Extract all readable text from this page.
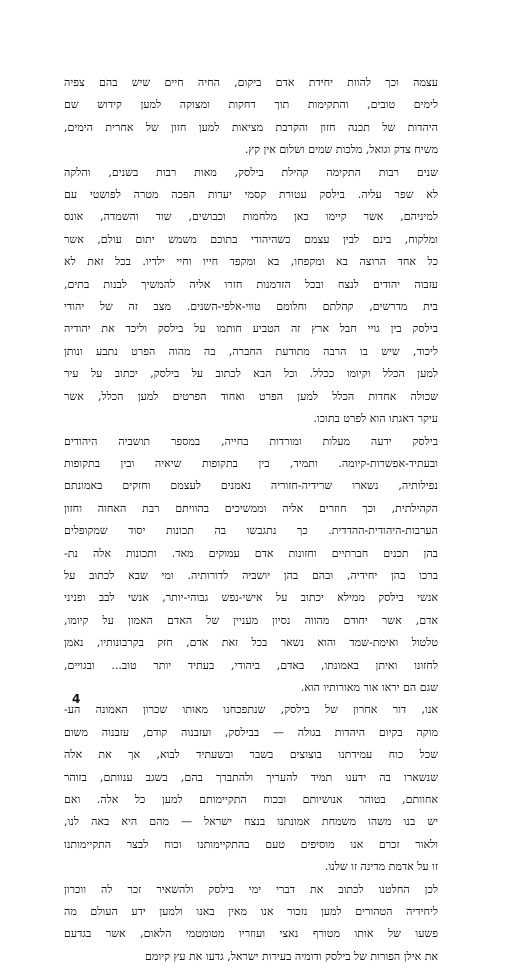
עצמה וכך להוות יחידת אדם ביקום, החיה חיים שיש בהם צפיה
לימים טובים, והתקימות תוך דחקות ומצוקה למען קידוש שם
היהדות של תכנה חזון והקרבת מציאות למען חזון של אחרית הימים,
משיח צדק וגואל, מלכות שמים ושלום אין קץ.
שנים רבות התקימה קהילת בילסק, מאות רבות בשנים, והלקה
לא שפר עליה. בילסק עטורת קסמי יערות הפכה מטרה לפושטי עם
למיניהם, אשר קיימו כאן מלחמות וכבושים, שוד והשמדה, אונס
ומלקוח, בינם לבין עצמם כשהיהודי בתוכם משמש יתום עולם, אשר
כל אחד הרוצה בא ומקפחו, בא ומקפד חייו וחיי ילדיו. בכל זאת לא
עזבוה יהודים לנצח ובכל הזדמנות חזרו אליה להמשיך לבנות בתים,
בית מדרשים, קהלתם וחלומם טווי-אלפי-השנים. מצב זה של יהודי
בילסק בין גויי חבל ארץ זה הטביע חותמו על בילסק וליכד את יהודיה
ליכוד, שיש בו הרבה מתודעת החברה, בה מהוה הפרט נתבע ונותן
למען הכלל וקיומו ככלל. וכל הבא לכתוב על בילסק, יכתוב על עיר
שכולה אחדות הכלל למען הפרט ואחוד הפרטים למען הכלל, אשר
עיקר דאגתו הוא לפרט בתוכו.
בילסק ידעה מעלות ומורדות בחייה, במספר תושביה היהודים
ובעתיד-אפשרות-קיומה. ותמיד, בין בתקופות שיאיה ובין בתקופות
נפילותיה, נשארו שרידיה-חזוריה נאמנים לעצמם וחזקים באמונתם
הקהילתית, וכך חוזרים אליה וממשיכים בהוויתם רבת האחוה וחזון
הערבות-היהודית-ההדדית. כך נתגבשו בה תכונות יסוד שמקופלים
בהן תכנים חברתיים וחזונות אדם עמוקים מאד. ותכונות אלה נת-
ברכו בהן יחידיה, ובהם בהן יושביה לדורותיה. ומי שבא לכתוב על
אנשי בילסק ממילא יכתוב על אישי-נפש גבוהי-יותר, אנשי לבב ופניני
אדם, אשר יחודם מהווה נסיון מעניין של האדם האמון על קיומו,
טלטול ואימת-שמד והוא נשאר בכל זאת אדם, חזק בקרבונותיו, נאמן
לחזונו ואיתן באמונתו, באדם, ביהודי, בעתיד יותר טוב... ובגויים,
שגם הם יראו אור מאורותיו הוא.
אנו, דור אחרון של בילסק, שנתפכחנו מאותו שכרון האמונה הע-
מוקה בקיום היהדות בגולה — בבילסק, ועזבנוה קודם, עזבנוה משום
שכל כוח עמידתנו בוצוצים בשבר ובשעתיד לבוא, אך את אלה
שנשארו בה ידענו תמיד להעריך ולהתברך בהם, בשגב ענוותם, בזוהר
אחוותם, בטוהר אנושיותם ובכוח התקיימותם למען כל אלה. ואם
יש בנו משהו משמחת אמונתנו בנצח ישראל — מהם היא באה לנו,
ולאור זכרם אנו מוסיפים טעם בהתקיימותנו וכוח לבצר התקיימותנו
זו על אדמת מדינה זו שלנו.
לכן החלטנו לכתוב את דברי ימי בילסק ולהשאיר זכר לה ווכרון
ליחידיה הטהורים למען נזכור אנו מאין באנו ולמען ידע העולם מה
פשעו של אותו מטורף נאצי ועוזריו מטומטמי הלאום, אשר בגדעם
את אילן הפורות של בילסק ודומיה בעירות ישראל, גדעו את עץ קיומם
4
